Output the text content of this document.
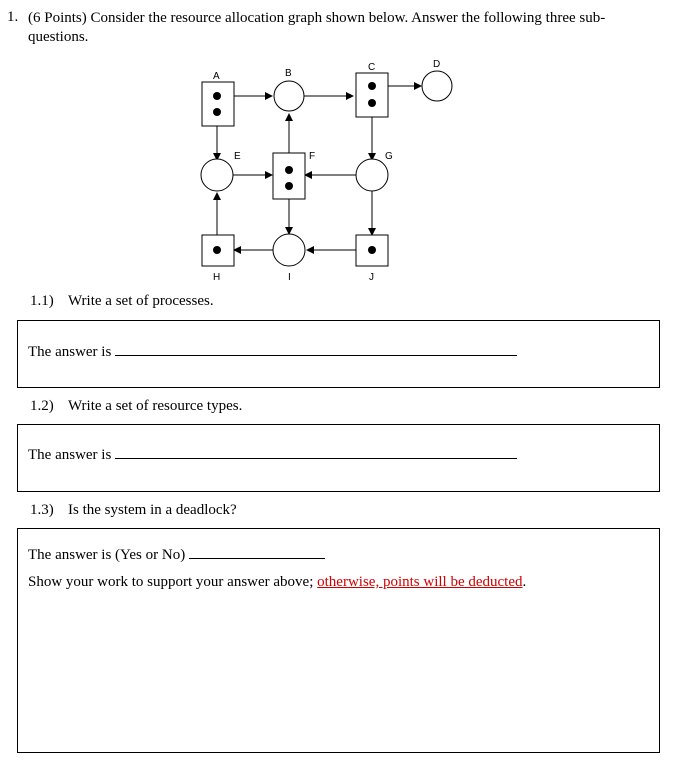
1. (6 Points) Consider the resource allocation graph shown below. Answer the following three sub-questions.
A	B
C	D
E	F	G
H	I	J
1.1) Write a set of processes.
The answer is
1.2) Write a set of resource types.
The answer is
1.3) Is the system in a deadlock?
The answer is (Yes or No)
Show your work to support your answer above; otherwise, points will be deducted.
